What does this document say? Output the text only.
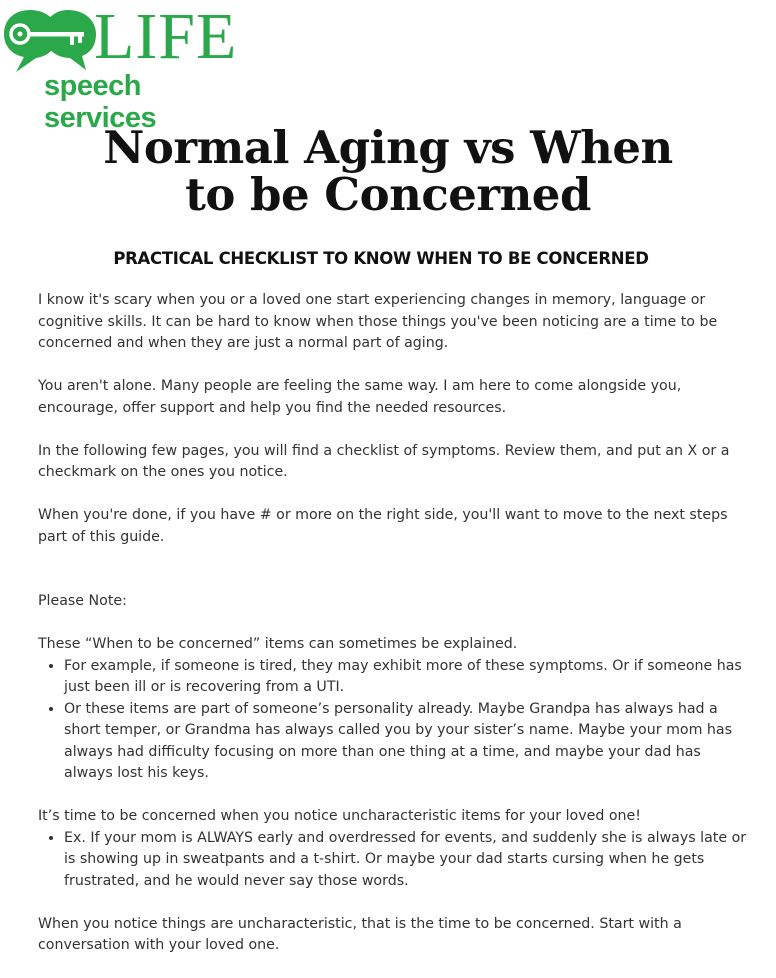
LIFE
speech services
Normal Aging vs When
to be Concerned
PRACTICAL CHECKLIST TO KNOW WHEN TO BE CONCERNED

I know it's scary when you or a loved one start experiencing changes in memory, language or cognitive skills. It can be hard to know when those things you've been noticing are a time to be concerned and when they are just a normal part of aging.

You aren't alone. Many people are feeling the same way. I am here to come alongside you, encourage, offer support and help you find the needed resources.

In the following few pages, you will find a checklist of symptoms. Review them, and put an X or a checkmark on the ones you notice.

When you're done, if you have # or more on the right side, you'll want to move to the next steps part of this guide.

Please Note:

These “When to be concerned” items can sometimes be explained.

• For example, if someone is tired, they may exhibit more of these symptoms. Or if someone has just been ill or is recovering from a UTI.
• Or these items are part of someone’s personality already. Maybe Grandpa has always had a short temper, or Grandma has always called you by your sister’s name. Maybe your mom has always had difficulty focusing on more than one thing at a time, and maybe your dad has always lost his keys.

It’s time to be concerned when you notice uncharacteristic items for your loved one!

• Ex. If your mom is ALWAYS early and overdressed for events, and suddenly she is always late or is showing up in sweatpants and a t-shirt. Or maybe your dad starts cursing when he gets frustrated, and he would never say those words.

When you notice things are uncharacteristic, that is the time to be concerned. Start with a conversation with your loved one.
